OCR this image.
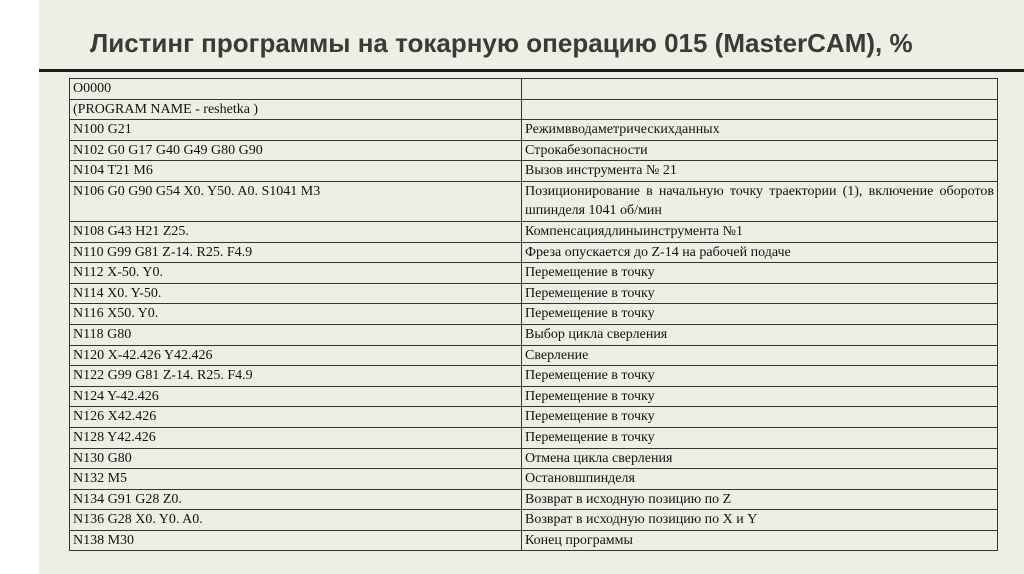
Листинг программы на токарную операцию 015 (MasterCAM), %
O0000	
(PROGRAM NAME - reshetka )	
N100 G21	Режимвводаметрическихданных
N102 G0 G17 G40 G49 G80 G90	Строкабезопасности
N104 T21 M6	Вызов инструмента № 21
N106 G0 G90 G54 X0. Y50. A0. S1041 M3	Позиционирование в начальную точку траектории (1), включение оборотов шпинделя 1041 об/мин
N108 G43 H21 Z25.	Компенсациядлиныинструмента №1
N110 G99 G81 Z-14. R25. F4.9	Фреза опускается до Z-14 на рабочей подаче
N112 X-50. Y0.	Перемещение в точку
N114 X0. Y-50.	Перемещение в точку
N116 X50. Y0.	Перемещение в точку
N118 G80	Выбор цикла сверления
N120 X-42.426 Y42.426	Сверление
N122 G99 G81 Z-14. R25. F4.9	Перемещение в точку
N124 Y-42.426	Перемещение в точку
N126 X42.426	Перемещение в точку
N128 Y42.426	Перемещение в точку
N130 G80	Отмена цикла сверления
N132 M5	Остановшпинделя
N134 G91 G28 Z0.	Возврат в исходную позицию по Z
N136 G28 X0. Y0. A0.	Возврат в исходную позицию по X и Y
N138 M30	Конец программы
